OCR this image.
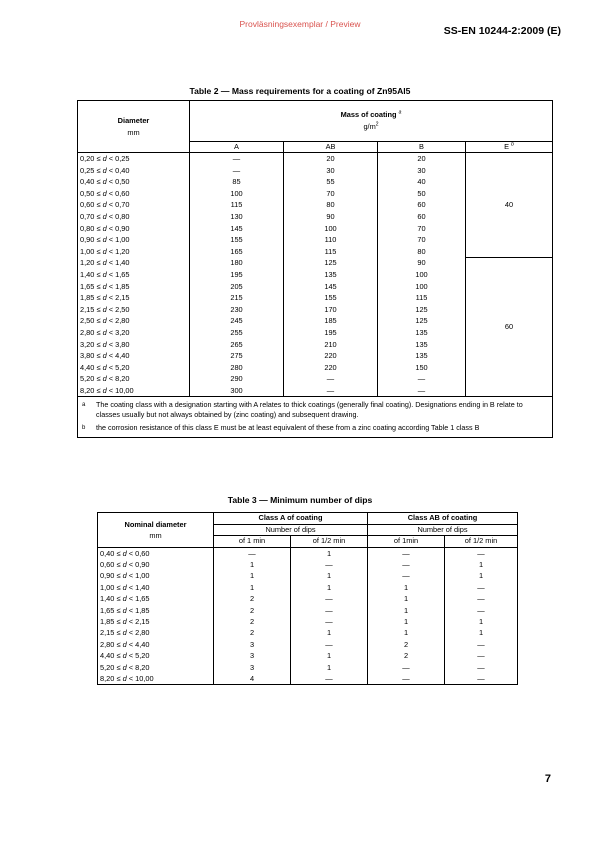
Provläsningsexemplar / Preview
SS-EN 10244-2:2009 (E)
Table 2 — Mass requirements for a coating of Zn95Al5
Diameter
mm	Mass of coating $^a$
$g/m^2$
	A	AB	B	E $^b$
0,20 ≤ d < 0,25	—	20	20	40
0,25 ≤ d < 0,40	—	30	30	
0,40 ≤ d < 0,50	85	55	40	
0,50 ≤ d < 0,60	100	70	50	
0,60 ≤ d < 0,70	115	80	60	
0,70 ≤ d < 0,80	130	90	60	
0,80 ≤ d < 0,90	145	100	70	
0,90 ≤ d < 1,00	155	110	70	
1,00 ≤ d < 1,20	165	115	80	
1,20 ≤ d < 1,40	180	125	90	60
1,40 ≤ d < 1,65	195	135	100	
1,65 ≤ d < 1,85	205	145	100	
1,85 ≤ d < 2,15	215	155	115	
2,15 ≤ d < 2,50	230	170	125	
2,50 ≤ d < 2,80	245	185	125	
2,80 ≤ d < 3,20	255	195	135	
3,20 ≤ d < 3,80	265	210	135	
3,80 ≤ d < 4,40	275	220	135	
4,40 ≤ d < 5,20	280	220	150	
5,20 ≤ d < 8,20	290	—	—	
8,20 ≤ d < 10,00	300	—	—	
a The coating class with a designation starting with A relates to thick coatings (generally final coating). Designations ending in B relate to classes usually but not always obtained by (zinc coating) and subsequent drawing.				
b the corrosion resistance of this class E must be at least equivalent of these from a zinc coating according Table 1 class B				
Table 3 — Minimum number of dips
Nominal diameter
mm	Class A of coating		Class AB of coating	
	Number of dips		Number of dips	
	of 1 min	of 1/2 min	of 1min	of 1/2 min
0,40 ≤ d < 0,60	—	1	—	—
0,60 ≤ d < 0,90	1	—	—	1
0,90 ≤ d < 1,00	1	1	—	1
1,00 ≤ d < 1,40	1	1	1	—
1,40 ≤ d < 1,65	2	—	1	—
1,65 ≤ d < 1,85	2	—	1	—
1,85 ≤ d < 2,15	2	—	1	1
2,15 ≤ d < 2,80	2	1	1	1
2,80 ≤ d < 4,40	3	—	2	—
4,40 ≤ d < 5,20	3	1	2	—
5,20 ≤ d < 8,20	3	1	—	—
8,20 ≤ d < 10,00	4	—	—	—
7
